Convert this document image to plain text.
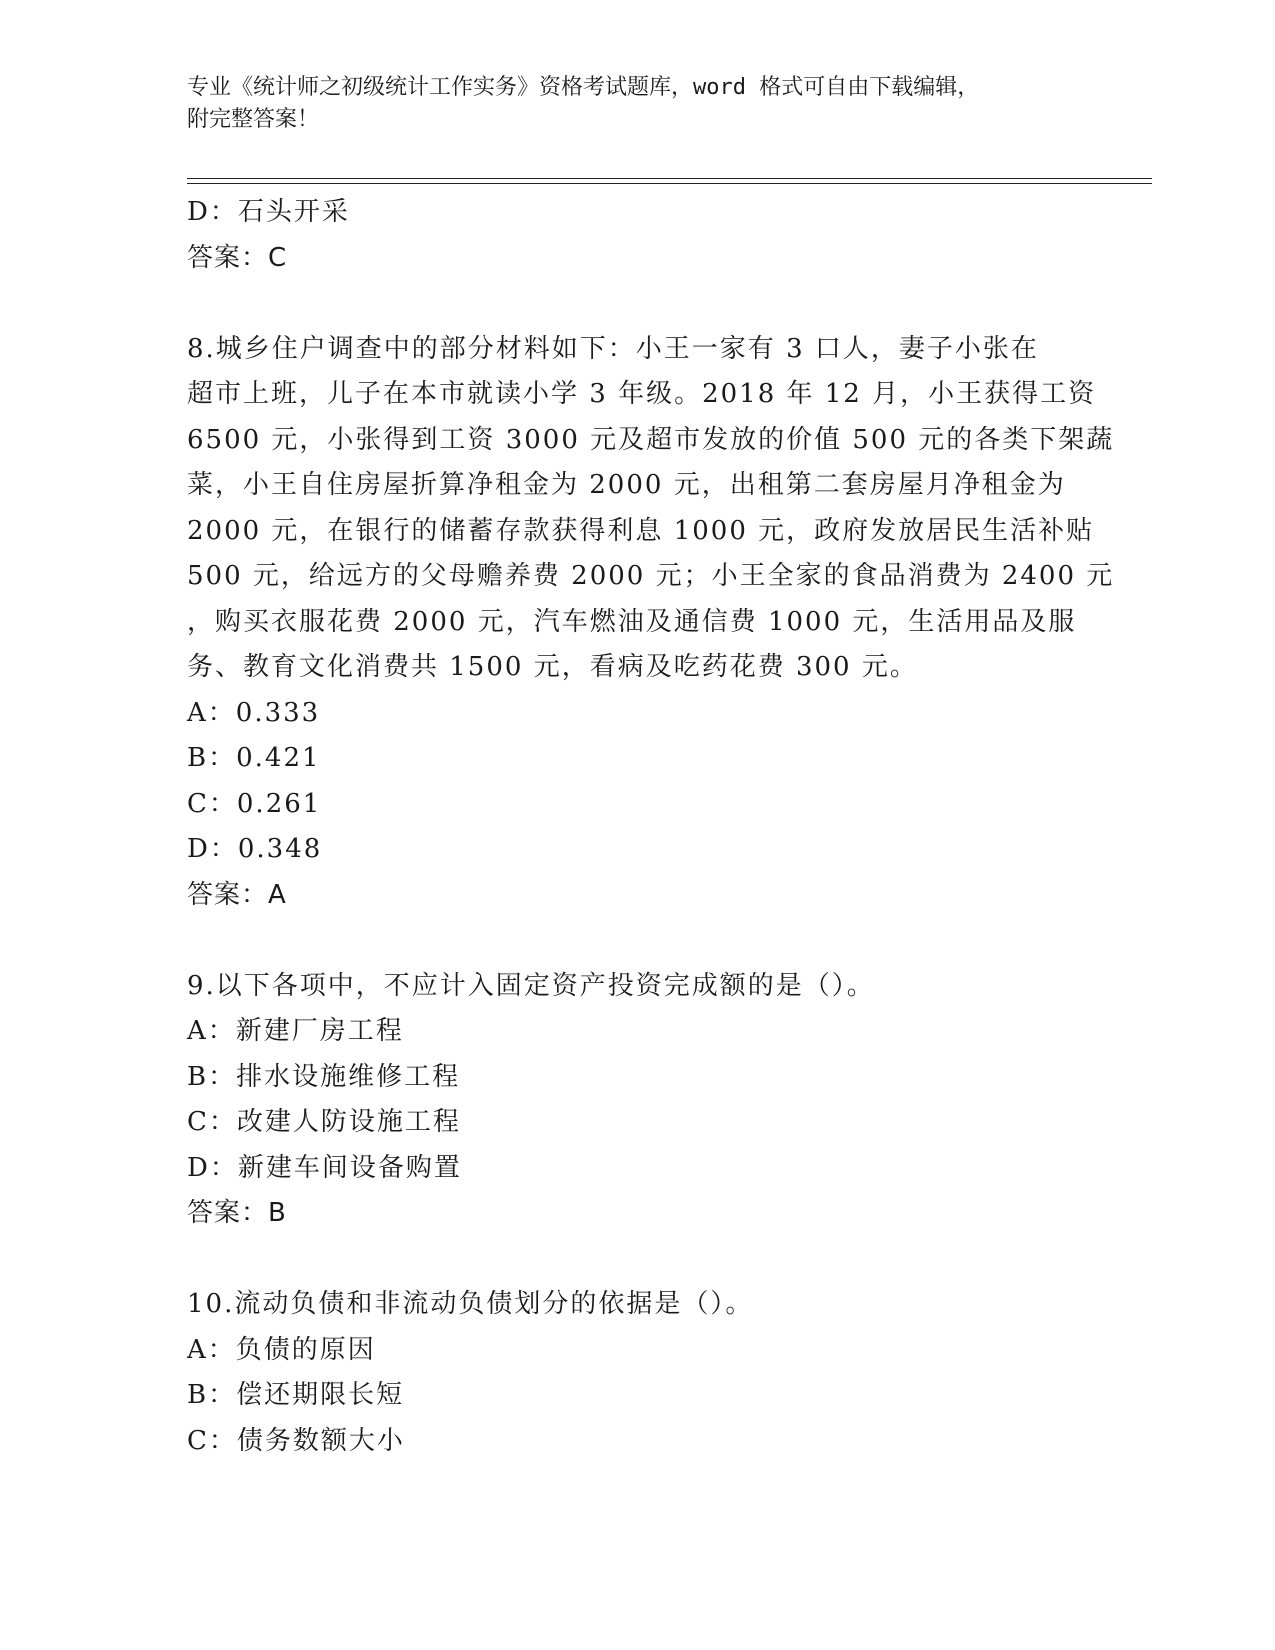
专业《统计师之初级统计工作实务》资格考试题库，word 格式可自由下载编辑，
附完整答案！
D：石头开采
答案：C
8.城乡住户调查中的部分材料如下：小王一家有 3 口人，妻子小张在
超市上班，儿子在本市就读小学 3 年级。2018 年 12 月，小王获得工资
6500 元，小张得到工资 3000 元及超市发放的价值 500 元的各类下架蔬
菜，小王自住房屋折算净租金为 2000 元，出租第二套房屋月净租金为
2000 元，在银行的储蓄存款获得利息 1000 元，政府发放居民生活补贴
500 元，给远方的父母赡养费 2000 元；小王全家的食品消费为 2400 元
，购买衣服花费 2000 元，汽车燃油及通信费 1000 元，生活用品及服
务、教育文化消费共 1500 元，看病及吃药花费 300 元。
A：0.333
B：0.421
C：0.261
D：0.348
答案：A
9.以下各项中，不应计入固定资产投资完成额的是（）。
A：新建厂房工程
B：排水设施维修工程
C：改建人防设施工程
D：新建车间设备购置
答案：B
10.流动负债和非流动负债划分的依据是（）。
A：负债的原因
B：偿还期限长短
C：债务数额大小
